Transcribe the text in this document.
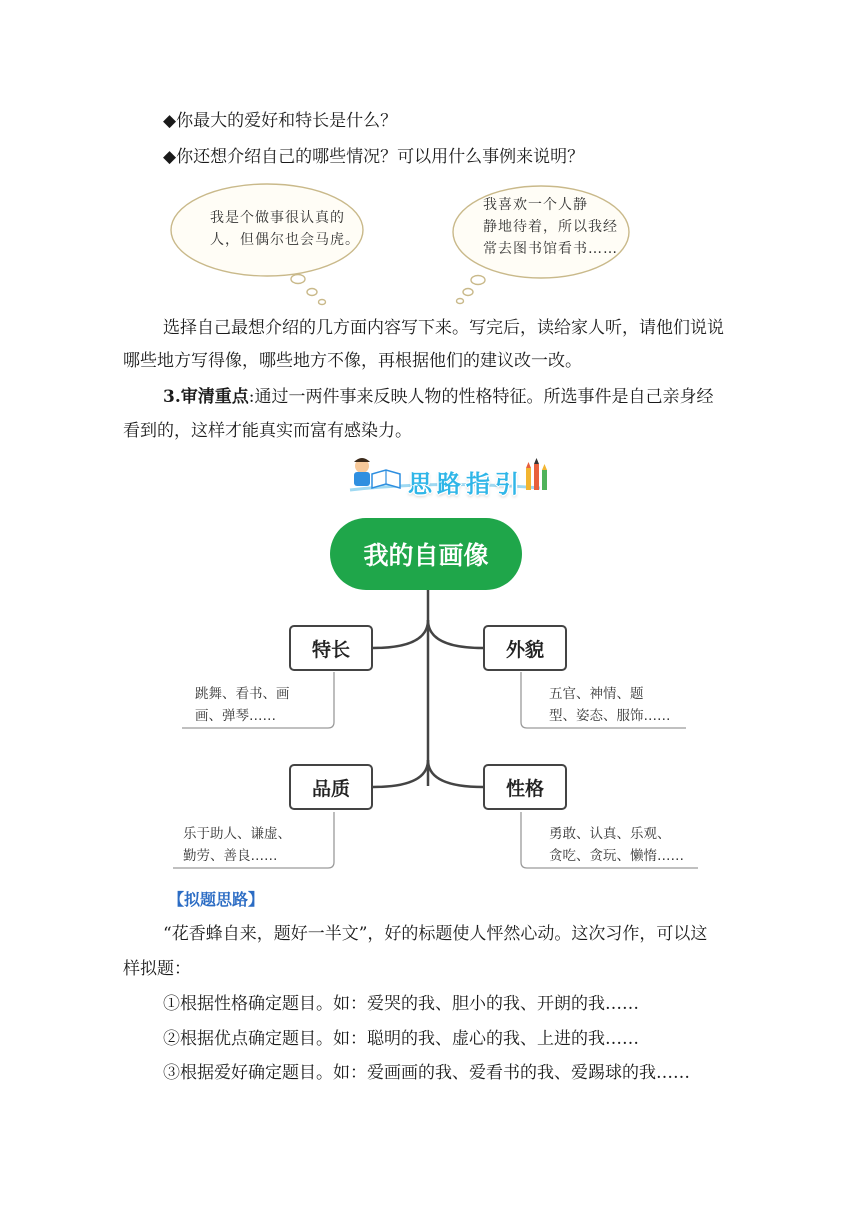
◆你最大的爱好和特长是什么？
◆你还想介绍自己的哪些情况？可以用什么事例来说明？
我是个做事很认真的
人，但偶尔也会马虎。
我喜欢一个人静
静地待着，所以我经
常去图书馆看书……
选择自己最想介绍的几方面内容写下来。写完后，读给家人听，请他们说说
哪些地方写得像，哪些地方不像，再根据他们的建议改一改。
3.审清重点:通过一两件事来反映人物的性格特征。所选事件是自己亲身经
看到的，这样才能真实而富有感染力。
思路指引
我的自画像
特长	外貌
品质	性格
跳舞、看书、画
画、弹琴……
五官、神情、题
型、姿态、服饰……
乐于助人、谦虚、
勤劳、善良……
勇敢、认真、乐观、
贪吃、贪玩、懒惰……
【拟题思路】
“花香蜂自来，题好一半文”，好的标题使人怦然心动。这次习作，可以这
样拟题：
①根据性格确定题目。如：爱哭的我、胆小的我、开朗的我……
②根据优点确定题目。如：聪明的我、虚心的我、上进的我……
③根据爱好确定题目。如：爱画画的我、爱看书的我、爱踢球的我……
